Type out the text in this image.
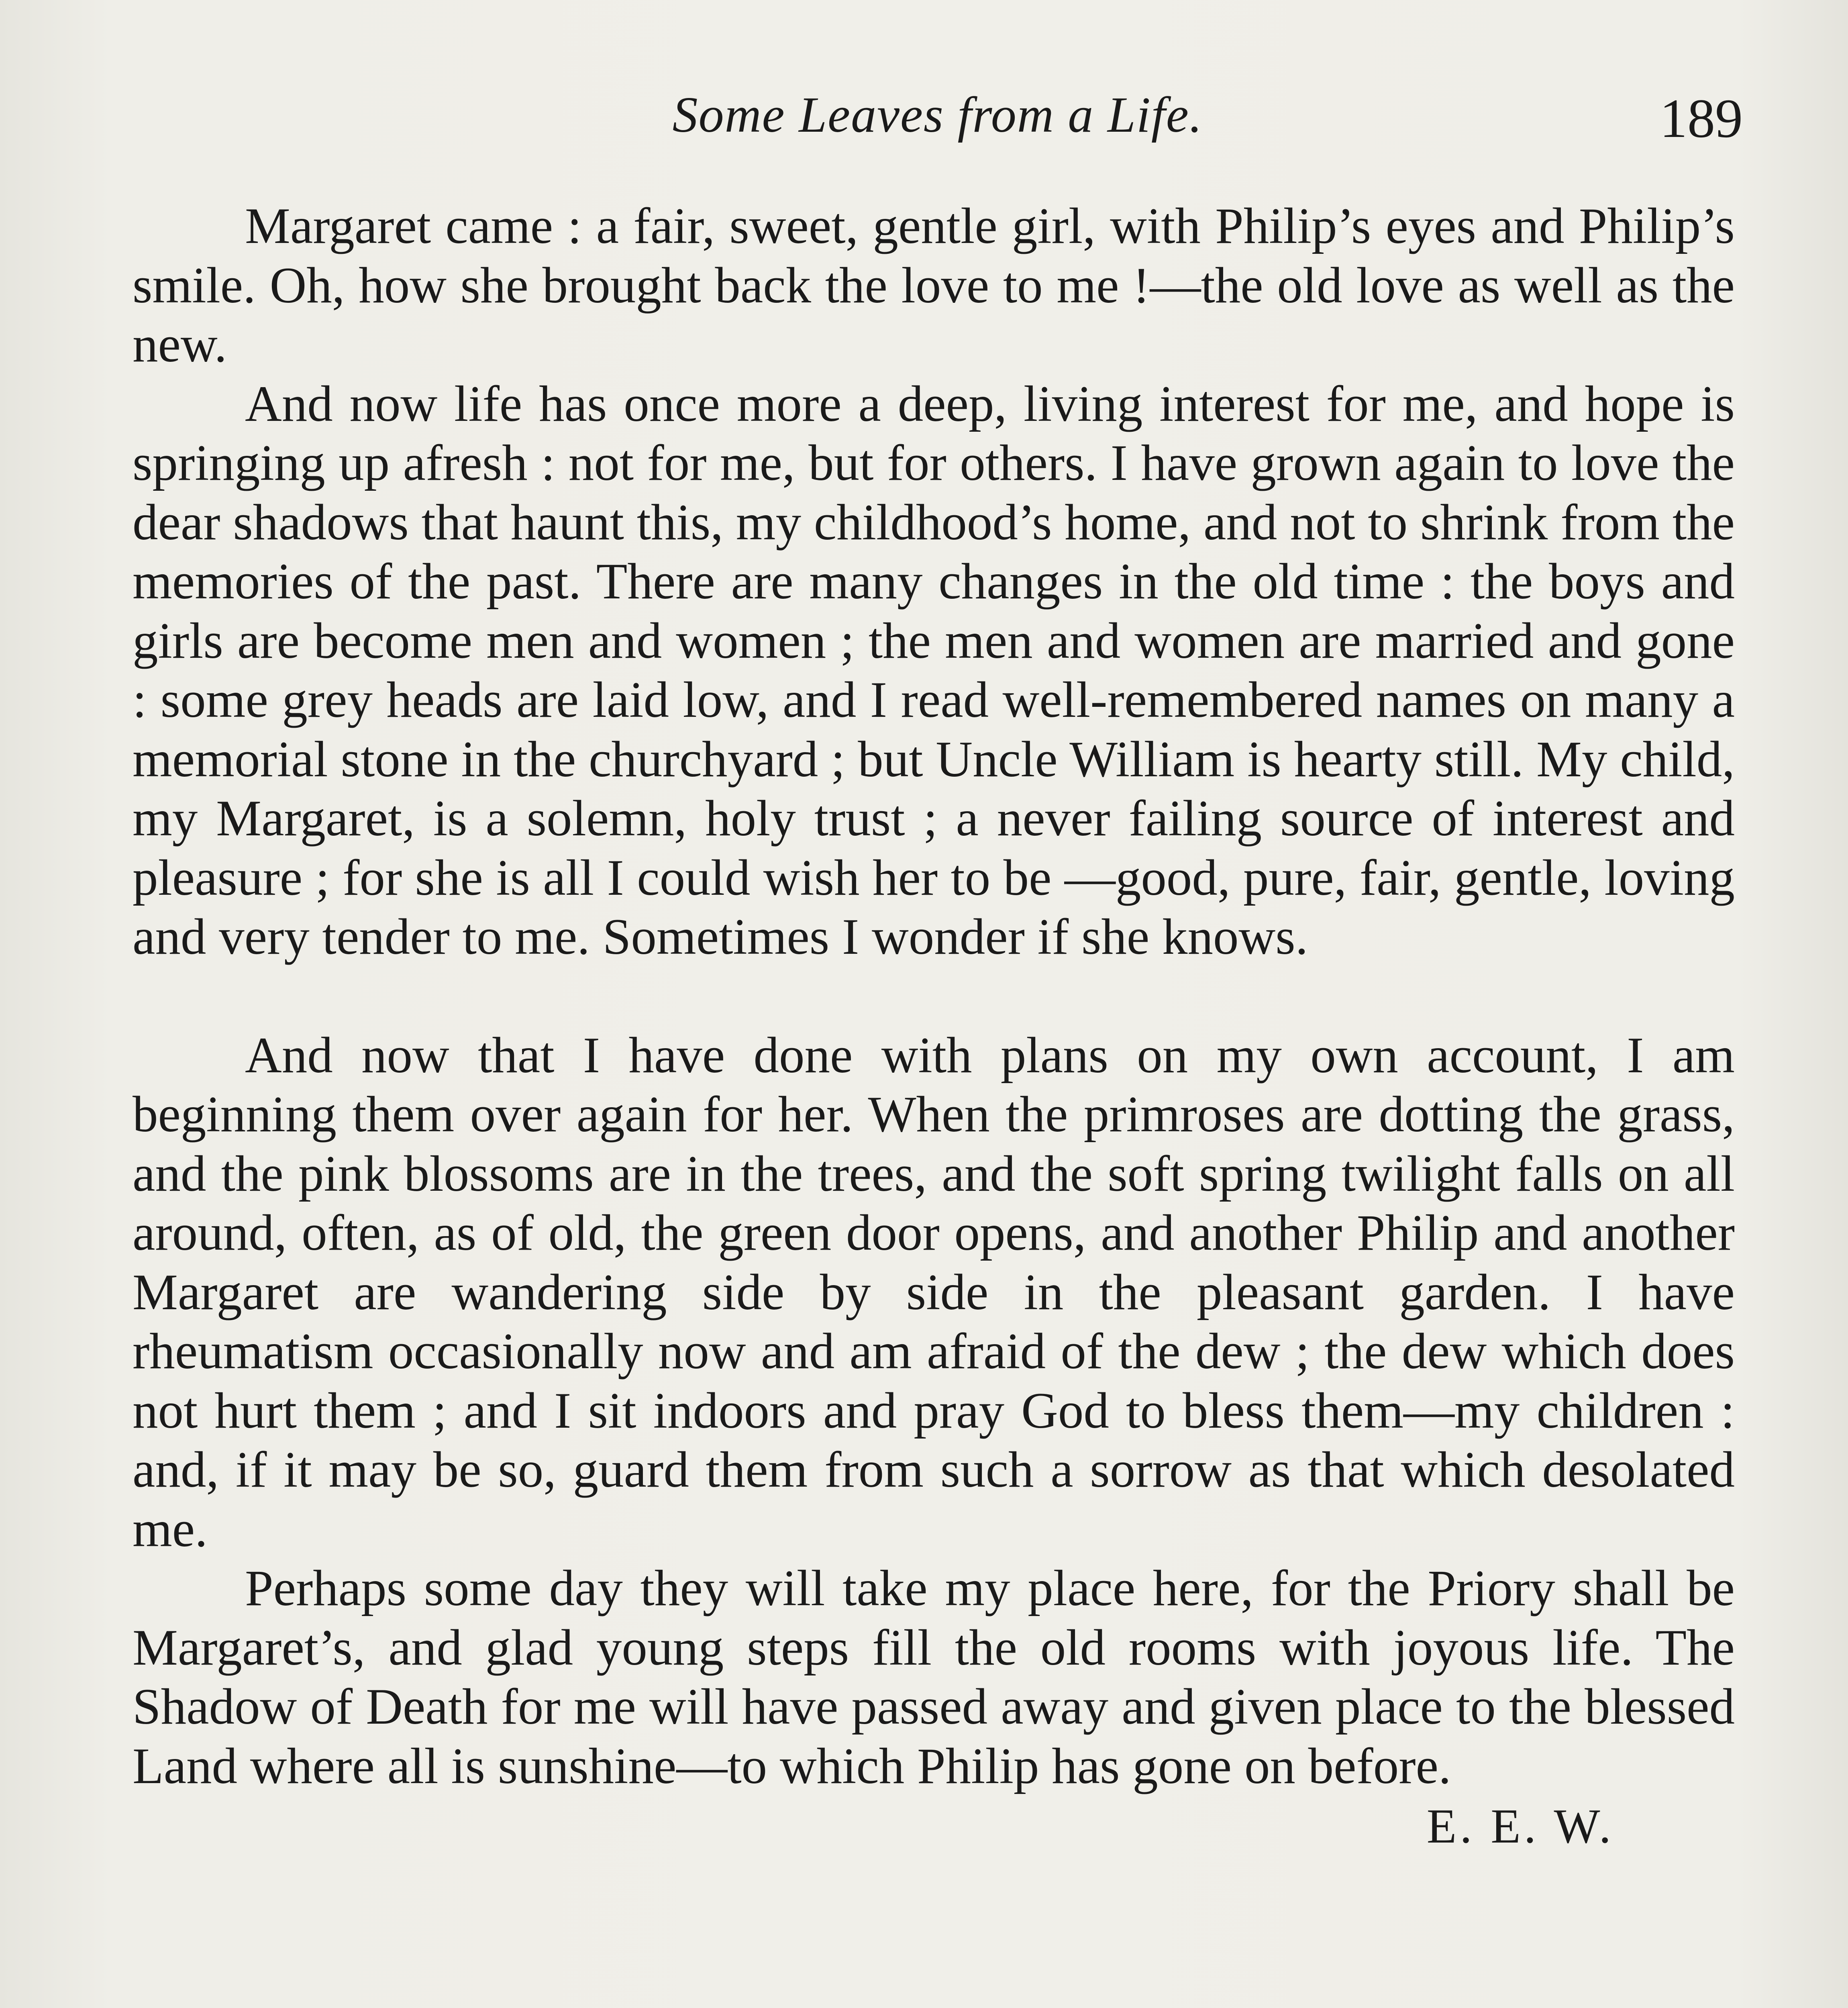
Some Leaves from a Life.	189

Margaret came : a fair, sweet, gentle girl, with Philip’s eyes and Philip’s smile. Oh, how she brought back the love to me !—the old love as well as the new.

And now life has once more a deep, living interest for me, and hope is springing up afresh : not for me, but for others. I have grown again to love the dear shadows that haunt this, my childhood’s home, and not to shrink from the memories of the past. There are many changes in the old time : the boys and girls are become men and women ; the men and women are married and gone : some grey heads are laid low, and I read well-remembered names on many a memorial stone in the churchyard ; but Uncle William is hearty still. My child, my Margaret, is a solemn, holy trust ; a never failing source of interest and pleasure ; for she is all I could wish her to be —good, pure, fair, gentle, loving and very tender to me. Sometimes I wonder if she knows.

And now that I have done with plans on my own account, I am beginning them over again for her. When the primroses are dotting the grass, and the pink blossoms are in the trees, and the soft spring twilight falls on all around, often, as of old, the green door opens, and another Philip and another Margaret are wandering side by side in the pleasant garden. I have rheumatism occasionally now and am afraid of the dew ; the dew which does not hurt them ; and I sit indoors and pray God to bless them—my children : and, if it may be so, guard them from such a sorrow as that which desolated me.

Perhaps some day they will take my place here, for the Priory shall be Margaret’s, and glad young steps fill the old rooms with joyous life. The Shadow of Death for me will have passed away and given place to the blessed Land where all is sunshine—to which Philip has gone on before.

E. E. W.
